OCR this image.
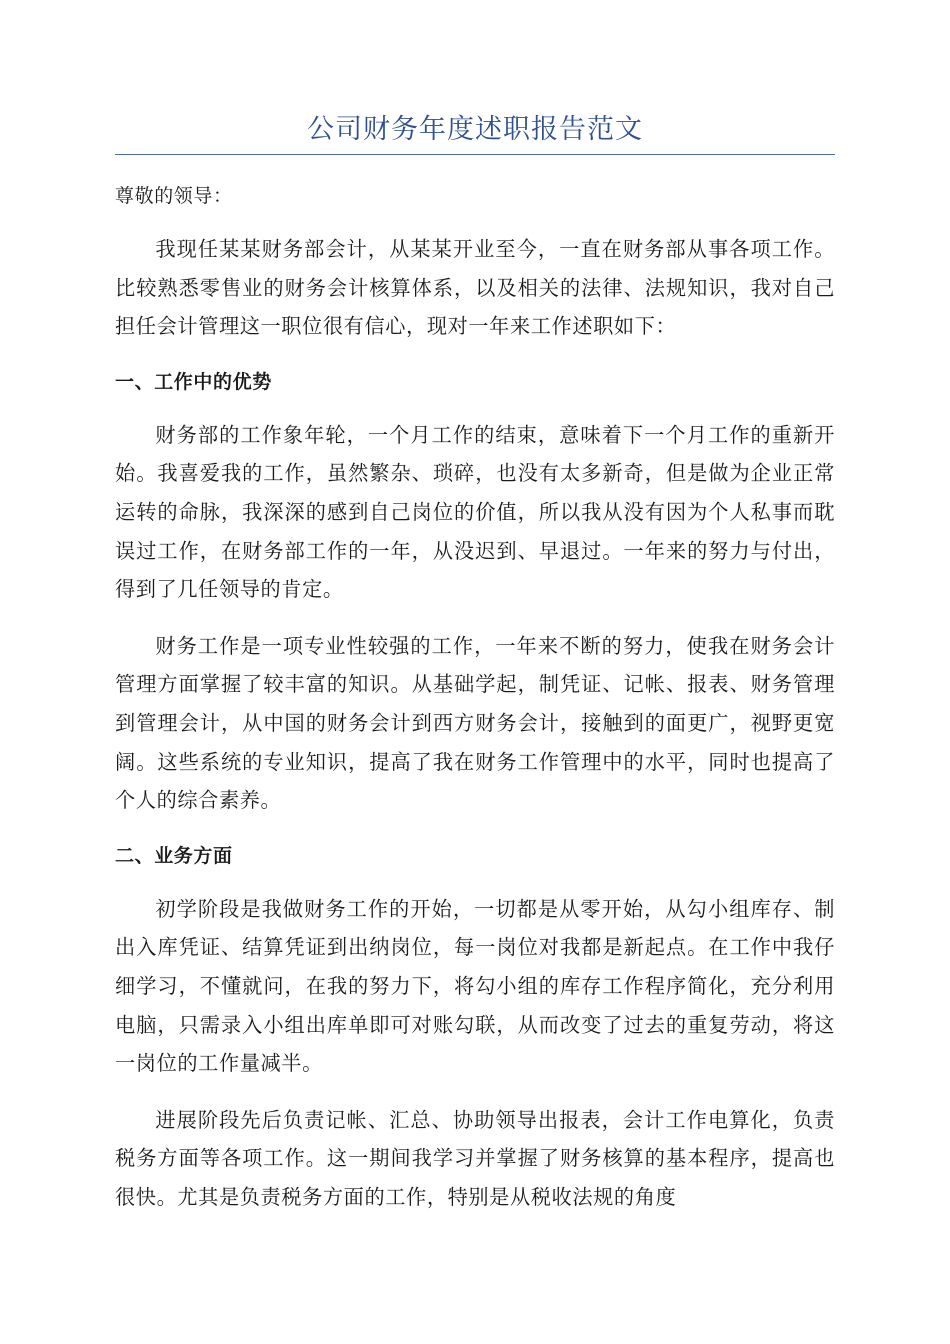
公司财务年度述职报告范文

尊敬的领导：

我现任某某财务部会计，从某某开业至今，一直在财务部从事各项工作。比较熟悉零售业的财务会计核算体系，以及相关的法律、法规知识，我对自己担任会计管理这一职位很有信心，现对一年来工作述职如下：

一、工作中的优势

财务部的工作象年轮，一个月工作的结束，意味着下一个月工作的重新开始。我喜爱我的工作，虽然繁杂、琐碎，也没有太多新奇，但是做为企业正常运转的命脉，我深深的感到自己岗位的价值，所以我从没有因为个人私事而耽误过工作，在财务部工作的一年，从没迟到、早退过。一年来的努力与付出，得到了几任领导的肯定。

财务工作是一项专业性较强的工作，一年来不断的努力，使我在财务会计管理方面掌握了较丰富的知识。从基础学起，制凭证、记帐、报表、财务管理到管理会计，从中国的财务会计到西方财务会计，接触到的面更广，视野更宽阔。这些系统的专业知识，提高了我在财务工作管理中的水平，同时也提高了个人的综合素养。

二、业务方面

初学阶段是我做财务工作的开始，一切都是从零开始，从勾小组库存、制出入库凭证、结算凭证到出纳岗位，每一岗位对我都是新起点。在工作中我仔细学习，不懂就问，在我的努力下，将勾小组的库存工作程序简化，充分利用电脑，只需录入小组出库单即可对账勾联，从而改变了过去的重复劳动，将这一岗位的工作量减半。

进展阶段先后负责记帐、汇总、协助领导出报表，会计工作电算化，负责税务方面等各项工作。这一期间我学习并掌握了财务核算的基本程序，提高也很快。尤其是负责税务方面的工作，特别是从税收法规的角度
